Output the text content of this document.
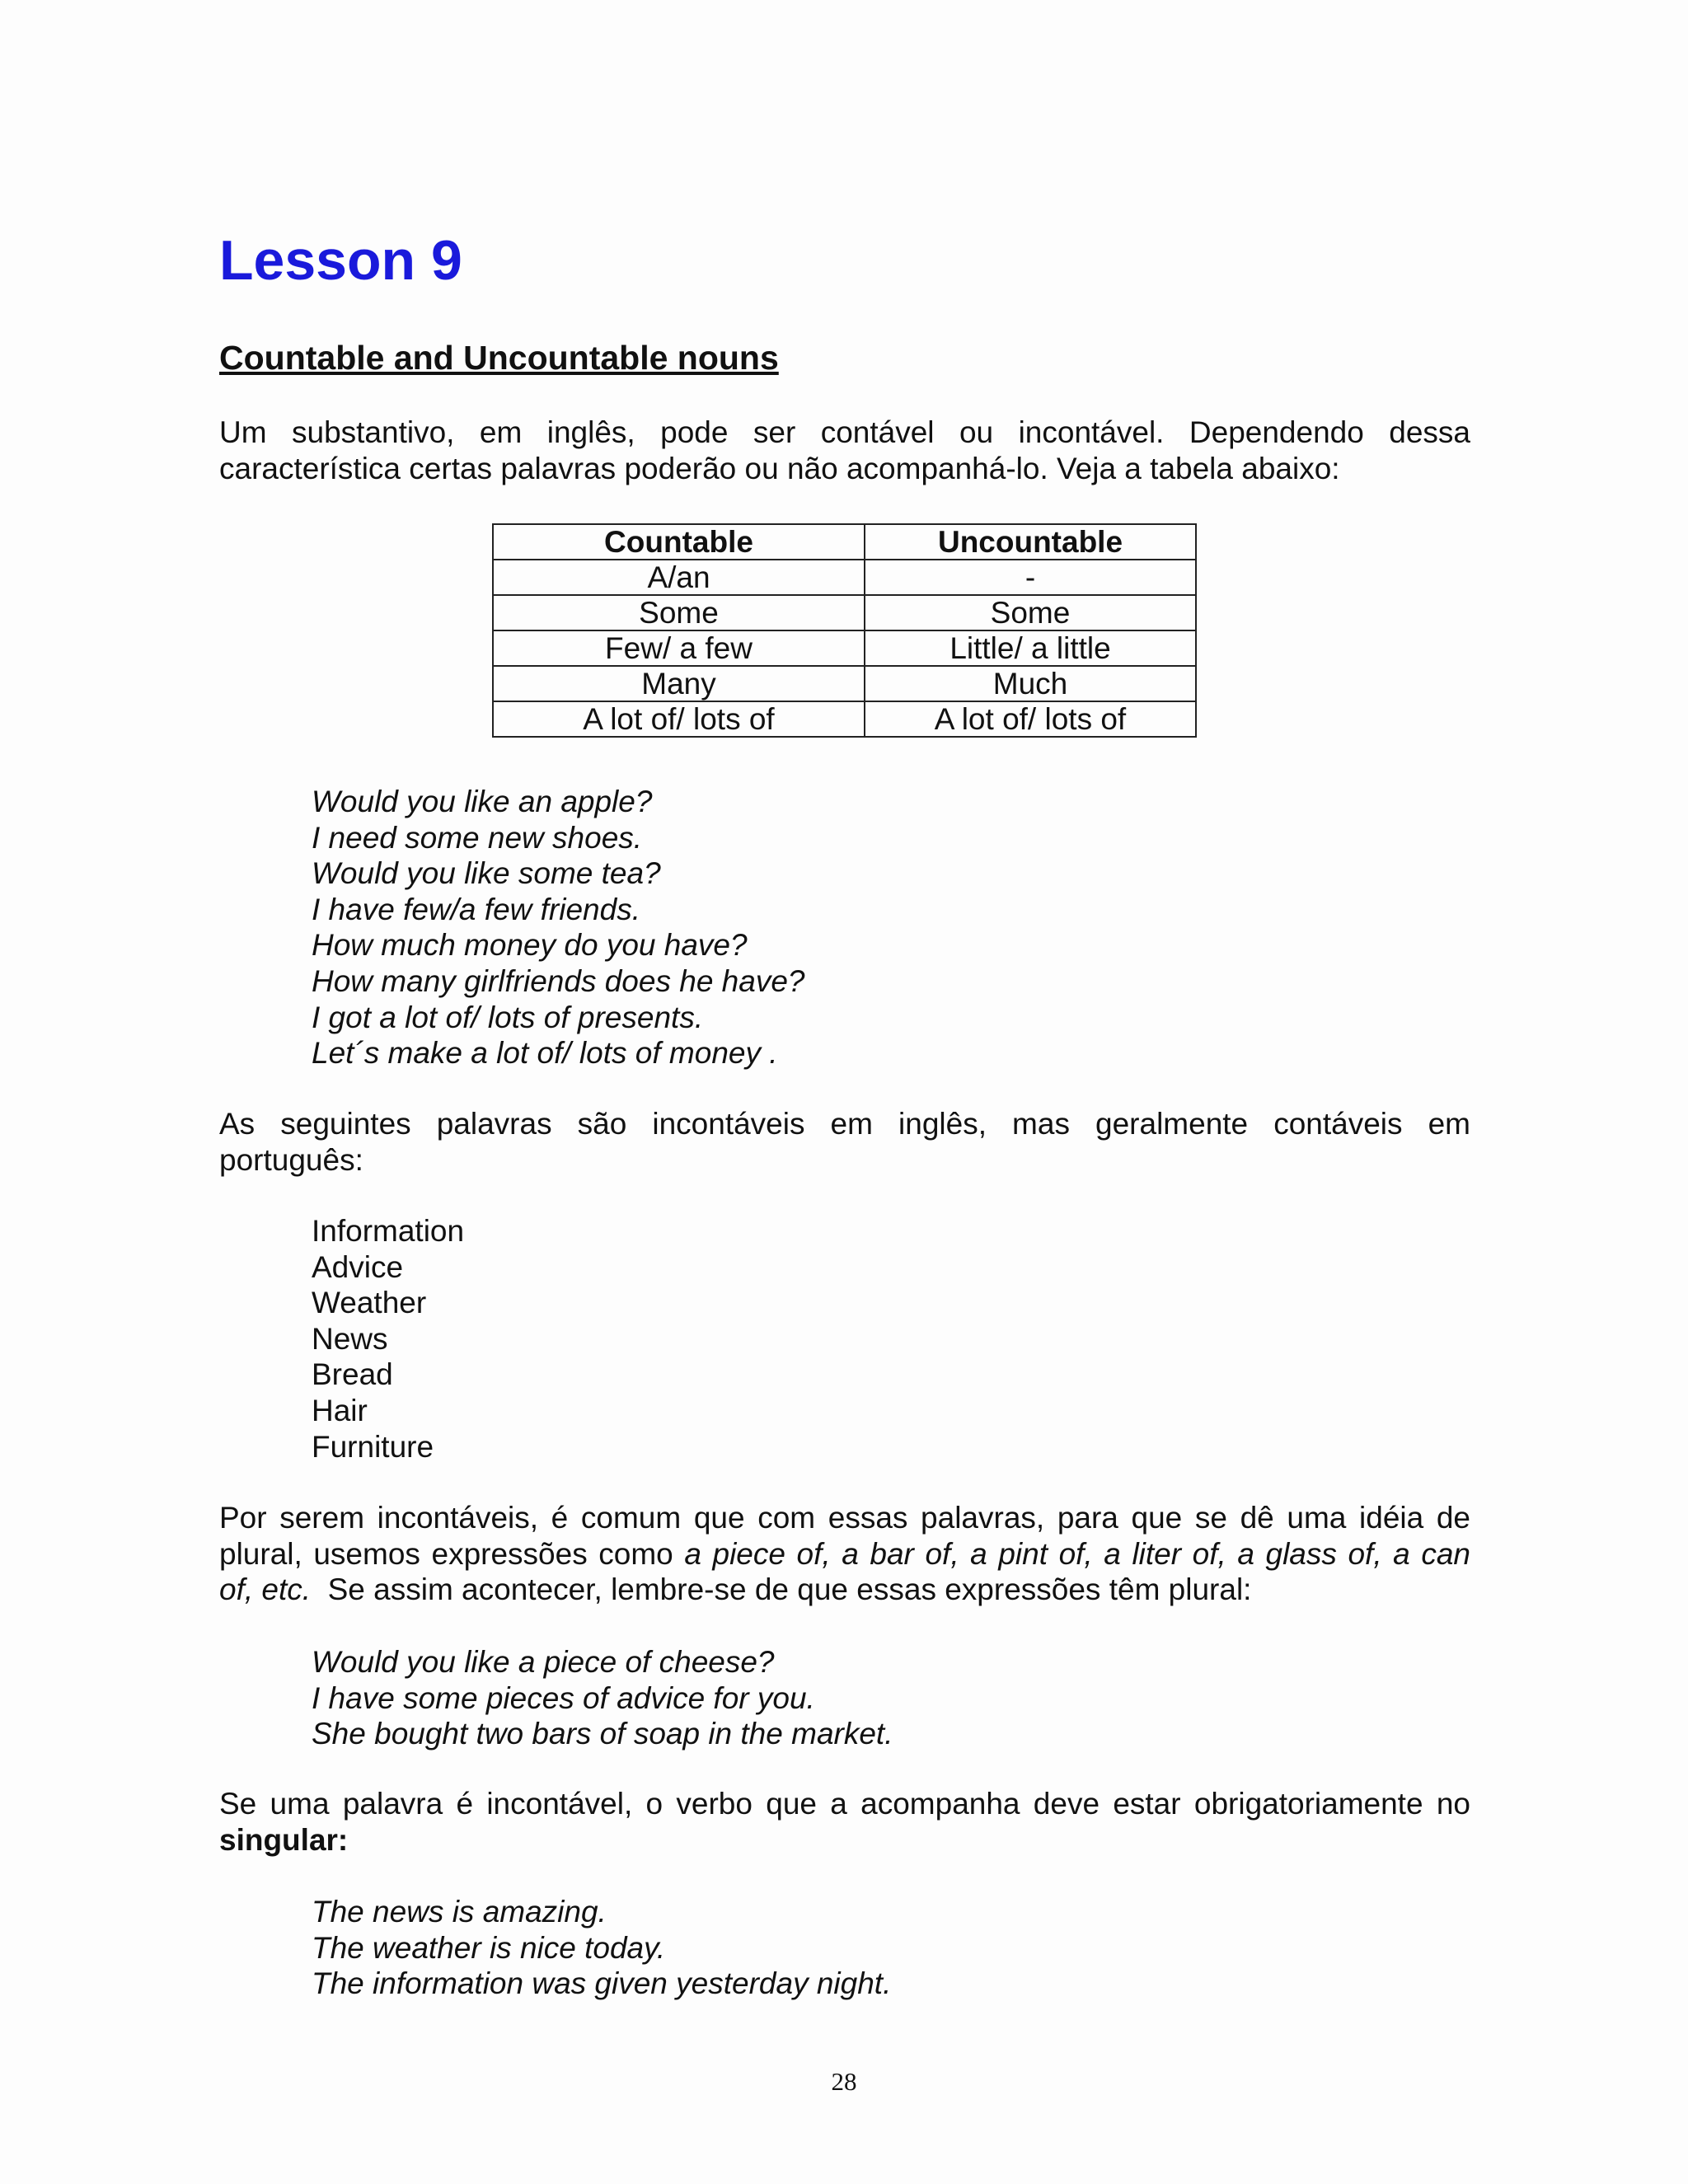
Lesson 9
Countable and Uncountable nouns

Um substantivo, em inglês, pode ser contável ou incontável. Dependendo dessa
característica certas palavras poderão ou não acompanhá-lo. Veja a tabela abaixo:

Countable	Uncountable
A/an	-
Some	Some
Few/ a few	Little/ a little
Many	Much
A lot of/ lots of	A lot of/ lots of
Would you like an apple?
I need some new shoes.
Would you like some tea?
I have few/a few friends.
How much money do you have?
How many girlfriends does he have?
I got a lot of/ lots of presents.
Let´s make a lot of/ lots of money .

As seguintes palavras são incontáveis em inglês, mas geralmente contáveis em
português:

Information
Advice
Weather
News
Bread
Hair
Furniture

Por serem incontáveis, é comum que com essas palavras, para que se dê uma idéia de
plural, usemos expressões como a piece of, a bar of, a pint of, a liter of, a glass of, a can
of, etc.  Se assim acontecer, lembre-se de que essas expressões têm plural:

Would you like a piece of cheese?
I have some pieces of advice for you.
She bought two bars of soap in the market.

Se uma palavra é incontável, o verbo que a acompanha deve estar obrigatoriamente no
singular:

The news is amazing.
The weather is nice today.
The information was given yesterday night.
28
